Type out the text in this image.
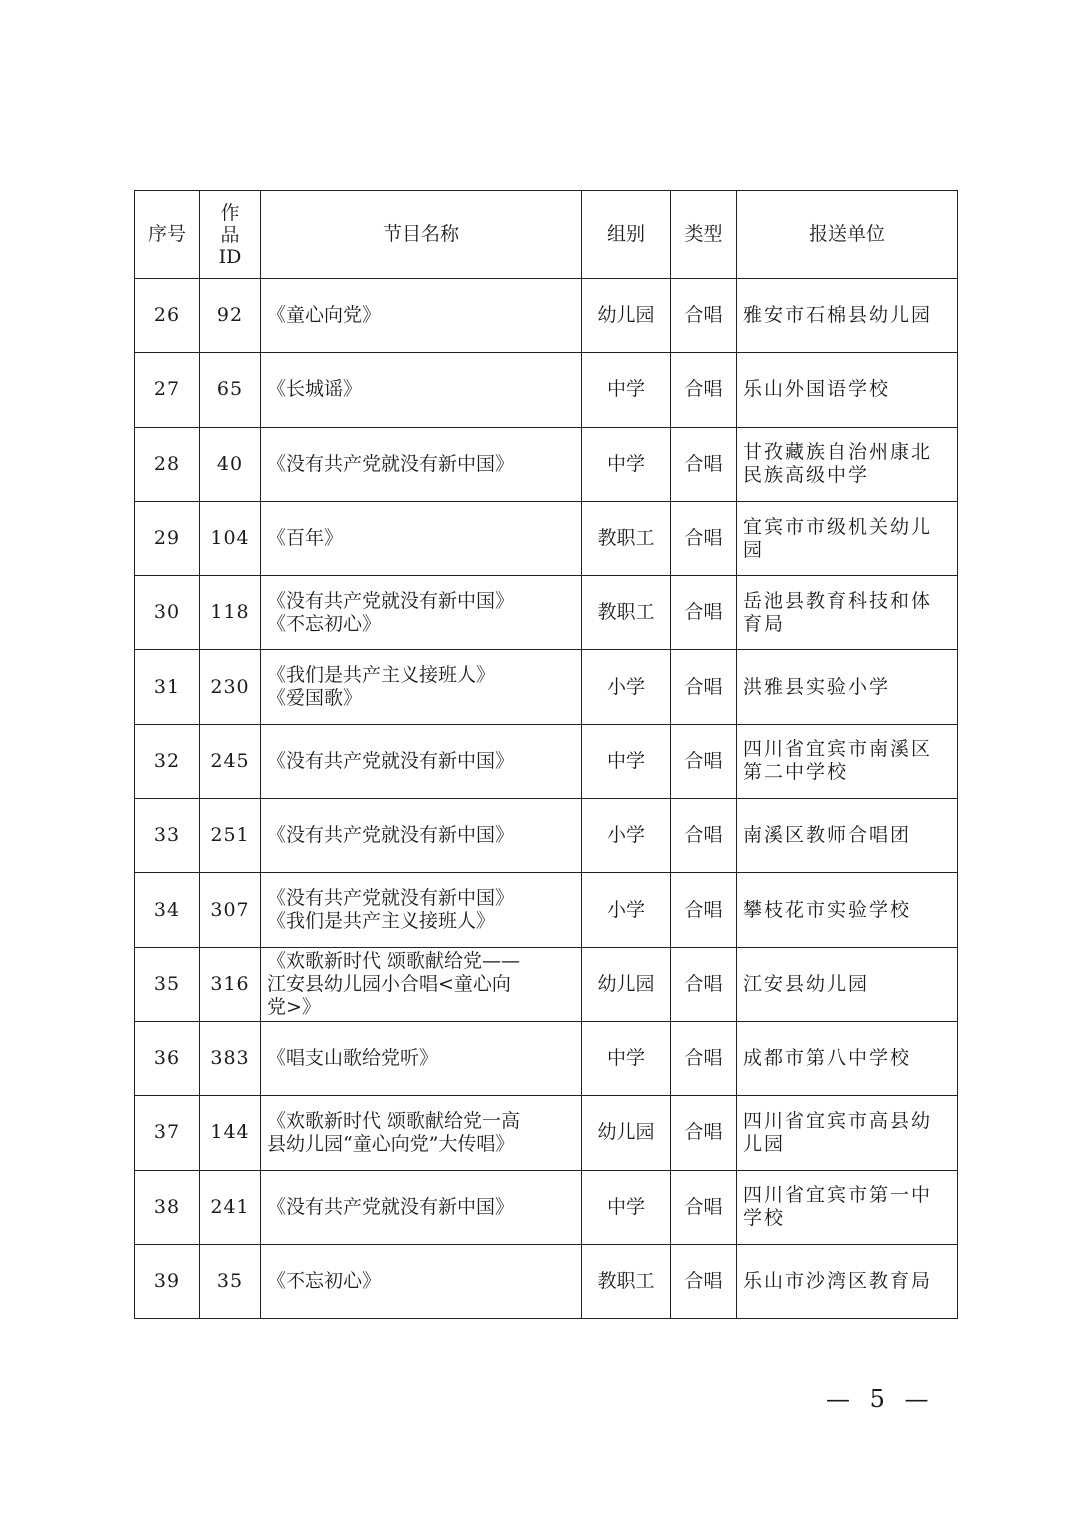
序号	作
品
ID	节目名称	组别	类型	报送单位
26	92	《童心向党》	幼儿园	合唱	雅安市石棉县幼儿园

27	65	《长城谣》	中学	合唱	乐山外国语学校

28	40	《没有共产党就没有新中国》	中学	合唱	甘孜藏族自治州康北
民族高级中学

29	104	《百年》	教职工	合唱	宜宾市市级机关幼儿
园

30	118	《没有共产党就没有新中国》
《不忘初心》	教职工	合唱	岳池县教育科技和体
育局

31	230	《我们是共产主义接班人》
《爱国歌》	小学	合唱	洪雅县实验小学

32	245	《没有共产党就没有新中国》	中学	合唱	四川省宜宾市南溪区
第二中学校

33	251	《没有共产党就没有新中国》	小学	合唱	南溪区教师合唱团

34	307	《没有共产党就没有新中国》
《我们是共产主义接班人》	小学	合唱	攀枝花市实验学校

35	316	《欢歌新时代 颂歌献给党——
江安县幼儿园小合唱<童心向
党>》	幼儿园	合唱	江安县幼儿园

36	383	《唱支山歌给党听》	中学	合唱	成都市第八中学校

37	144	《欢歌新时代 颂歌献给党一高
县幼儿园“童心向党”大传唱》	幼儿园	合唱	四川省宜宾市高县幼
儿园

38	241	《没有共产党就没有新中国》	中学	合唱	四川省宜宾市第一中
学校

39	35	《不忘初心》	教职工	合唱	乐山市沙湾区教育局
— 5 —
